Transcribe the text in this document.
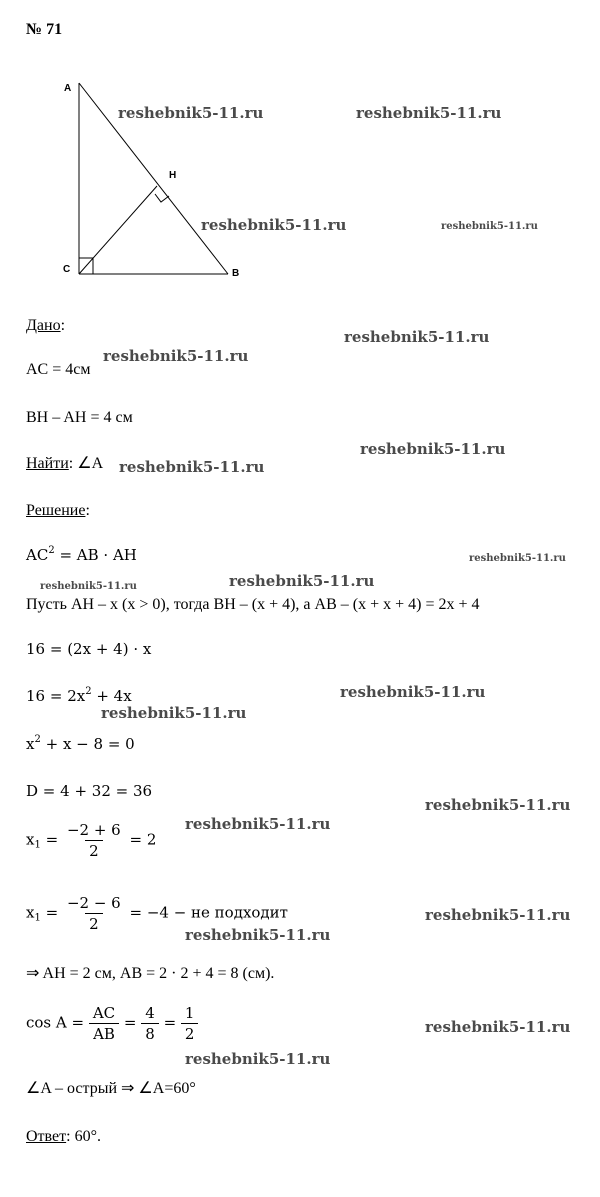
№ 71
A
H
C	B
reshebnik5-11.ru	reshebnik5-11.ru
reshebnik5-11.ru	reshebnik5-11.ru
reshebnik5-11.ru
reshebnik5-11.ru
reshebnik5-11.ru
reshebnik5-11.ru
reshebnik5-11.ru
reshebnik5-11.ru	reshebnik5-11.ru
reshebnik5-11.ru
reshebnik5-11.ru
reshebnik5-11.ru
reshebnik5-11.ru
reshebnik5-11.ru
reshebnik5-11.ru
reshebnik5-11.ru
reshebnik5-11.ru
Дано:
AC = 4см
BH – AH = 4 см
Найти: ∠A
Решение:
$AC^2$ = AB · AH
Пусть AH – x (x > 0), тогда BH – (x + 4), а AB – (x + x + 4) = 2x + 4
16 = (2x + 4) · x
$16 = 2x^2 + 4x$
$x^2 + x - 8 = 0$
D = 4 + 32 = 36
$x_1 = \frac{-2 + 6}{2} = 2$
$x_1 = \frac{-2 - 6}{2} = -4$ − не подходит
⇒ AH = 2 см, AB = 2 · 2 + 4 = 8 (см).
$\cos A = \frac{AC}{AB} = \frac{4}{8} = \frac{1}{2}$
∠A – острый ⇒ ∠A=60°
Ответ: 60°.
